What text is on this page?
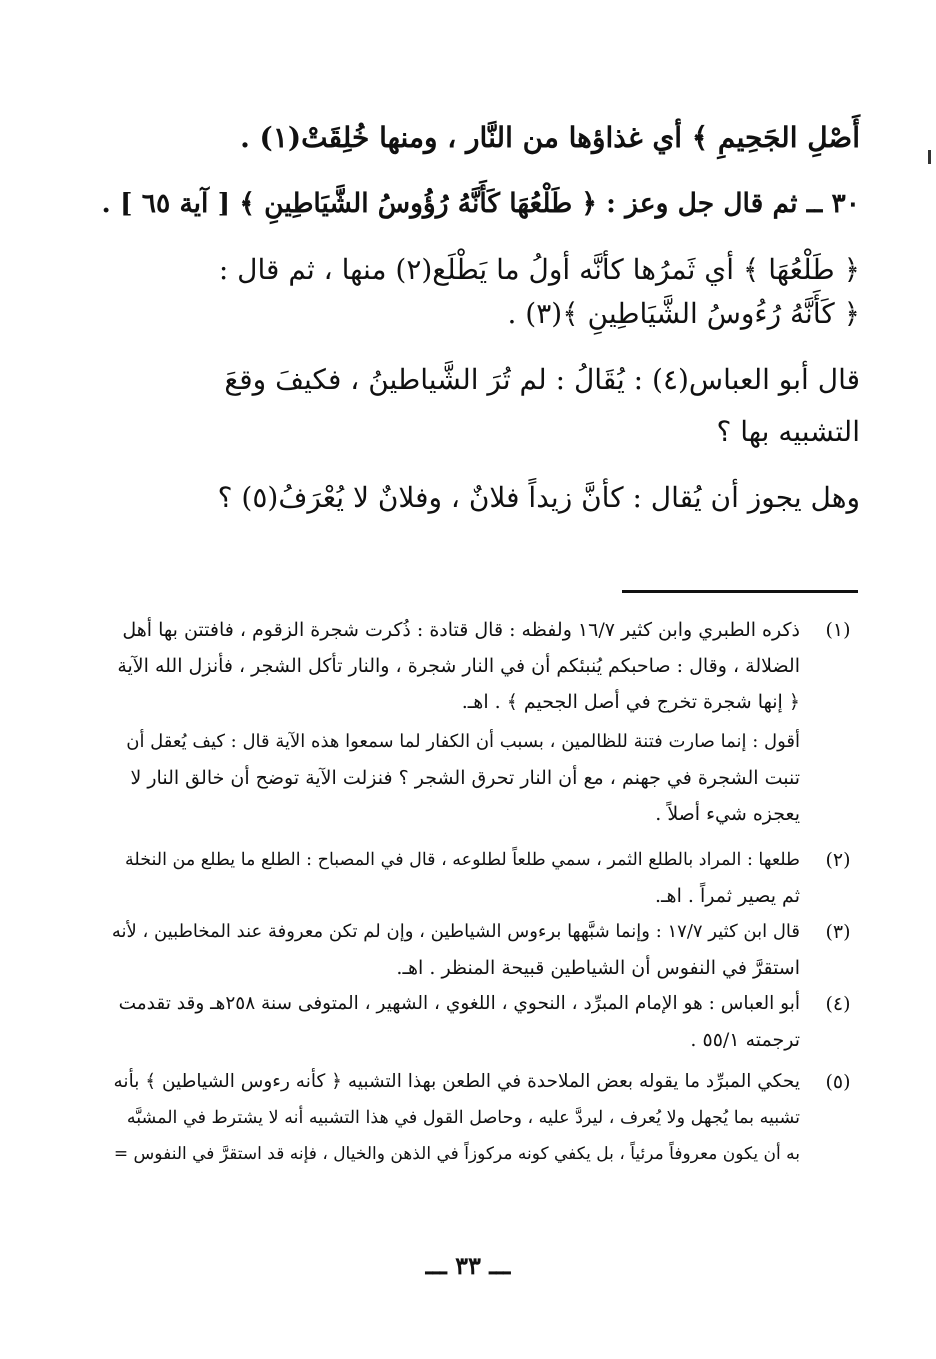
أَصْلِ الجَحِيمِ ﴾ أي غذاؤها من النَّار ، ومنها خُلِقَتْ(١) .
٣٠ ــ ثم قال جل وعز : ﴿ طَلْعُهَا كَأَنَّهُ رُؤُوسُ الشَّيَاطِينِ ﴾ [ آية ٦٥ ] .
﴿ طَلْعُهَا ﴾ أي ثَمرُها كأنَّه أولُ ما يَطْلَع(٢) منها ، ثم قال :
﴿ كَأَنَّهُ رُءُوسُ الشَّيَاطِينِ ﴾(٣) .
قال أبو العباس(٤) : يُقَالُ : لم تُرَ الشَّياطينُ ، فكيفَ وقعَ
التشبيه بها ؟
وهل يجوز أن يُقال : كأنَّ زيداً فلانٌ ، وفلانٌ لا يُعْرَفُ(٥) ؟
(١)
ذكره الطبري وابن كثير ١٦/٧ ولفظه : قال قتادة : ذُكرت شجرة الزقوم ، فافتتن بها أهل
الضلالة ، وقال : صاحبكم يُنبئكم أن في النار شجرة ، والنار تأكل الشجر ، فأنزل الله الآية
﴿ إنها شجرة تخرج في أصل الجحيم ﴾ . اهـ.
أقول : إنما صارت فتنة للظالمين ، بسبب أن الكفار لما سمعوا هذه الآية قال : كيف يُعقل أن
تنبت الشجرة في جهنم ، مع أن النار تحرق الشجر ؟ فنزلت الآية توضح أن خالق النار لا
يعجزه شيء أصلاً .
(٢)
طلعها : المراد بالطلع الثمر ، سمي طلعاً لطلوعه ، قال في المصباح : الطلع ما يطلع من النخلة
ثم يصير ثمراً . اهـ.
(٣)
قال ابن كثير ١٧/٧ : وإنما شبَّهها برءوس الشياطين ، وإن لم تكن معروفة عند المخاطبين ، لأنه
استقرَّ في النفوس أن الشياطين قبيحة المنظر . اهـ.
(٤)
أبو العباس : هو الإمام المبرِّد ، النحوي ، اللغوي ، الشهير ، المتوفى سنة ٢٥٨هـ وقد تقدمت
ترجمته ٥٥/١ .
(٥)
يحكي المبرِّد ما يقوله بعض الملاحدة في الطعن بهذا التشبيه ﴿ كأنه رءوس الشياطين ﴾ بأنه
تشبيه بما يُجهل ولا يُعرف ، ليردَّ عليه ، وحاصل القول في هذا التشبيه أنه لا يشترط في المشبَّه
به أن يكون معروفاً مرئياً ، بل يكفي كونه مركوزاً في الذهن والخيال ، فإنه قد استقرَّ في النفوس =
ـــ ٣٣ ـــ
